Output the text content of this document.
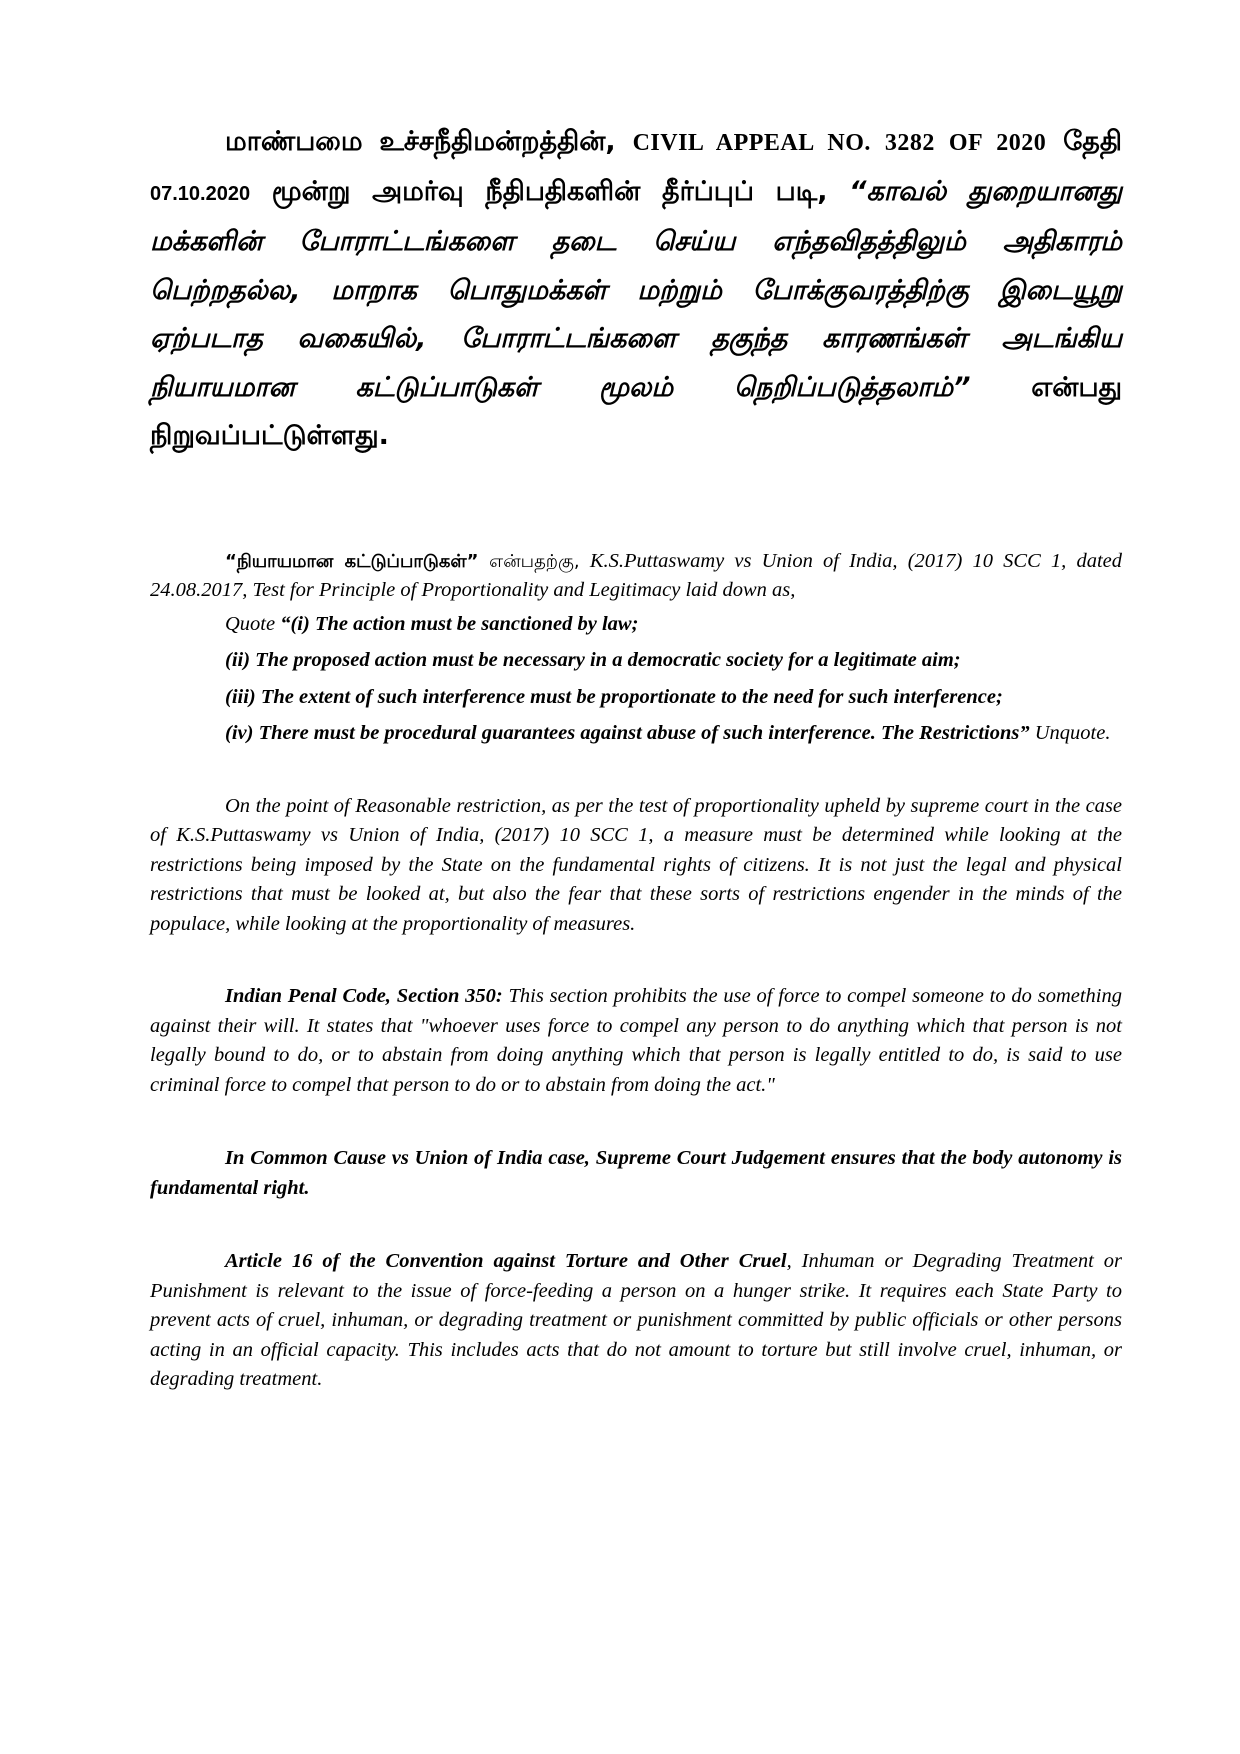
மாண்பமை உச்சநீதிமன்றத்தின், CIVIL APPEAL NO. 3282 OF 2020 தேதி 07.10.2020 மூன்று அமர்வு நீதிபதிகளின் தீர்ப்புப் படி, “காவல் துறையானது மக்களின் போராட்டங்களை தடை செய்ய எந்தவிதத்திலும் அதிகாரம் பெற்றதல்ல, மாறாக பொதுமக்கள் மற்றும் போக்குவரத்திற்கு இடையூறு ஏற்படாத வகையில், போராட்டங்களை தகுந்த காரணங்கள் அடங்கிய நியாயமான கட்டுப்பாடுகள் மூலம் நெறிப்படுத்தலாம்” என்பது நிறுவப்பட்டுள்ளது.

“நியாயமான கட்டுப்பாடுகள்” என்பதற்கு, K.S.Puttaswamy vs Union of India, (2017) 10 SCC 1, dated 24.08.2017, Test for Principle of Proportionality and Legitimacy laid down as,

Quote “(i) The action must be sanctioned by law;

(ii) The proposed action must be necessary in a democratic society for a legitimate aim;

(iii) The extent of such interference must be proportionate to the need for such interference;

(iv) There must be procedural guarantees against abuse of such interference. The Restrictions” Unquote.

On the point of Reasonable restriction, as per the test of proportionality upheld by supreme court in the case of K.S.Puttaswamy vs Union of India, (2017) 10 SCC 1, a measure must be determined while looking at the restrictions being imposed by the State on the fundamental rights of citizens. It is not just the legal and physical restrictions that must be looked at, but also the fear that these sorts of restrictions engender in the minds of the populace, while looking at the proportionality of measures.

Indian Penal Code, Section 350: This section prohibits the use of force to compel someone to do something against their will. It states that "whoever uses force to compel any person to do anything which that person is not legally bound to do, or to abstain from doing anything which that person is legally entitled to do, is said to use criminal force to compel that person to do or to abstain from doing the act."

In Common Cause vs Union of India case, Supreme Court Judgement ensures that the body autonomy is fundamental right.

Article 16 of the Convention against Torture and Other Cruel, Inhuman or Degrading Treatment or Punishment is relevant to the issue of force-feeding a person on a hunger strike. It requires each State Party to prevent acts of cruel, inhuman, or degrading treatment or punishment committed by public officials or other persons acting in an official capacity. This includes acts that do not amount to torture but still involve cruel, inhuman, or degrading treatment.
